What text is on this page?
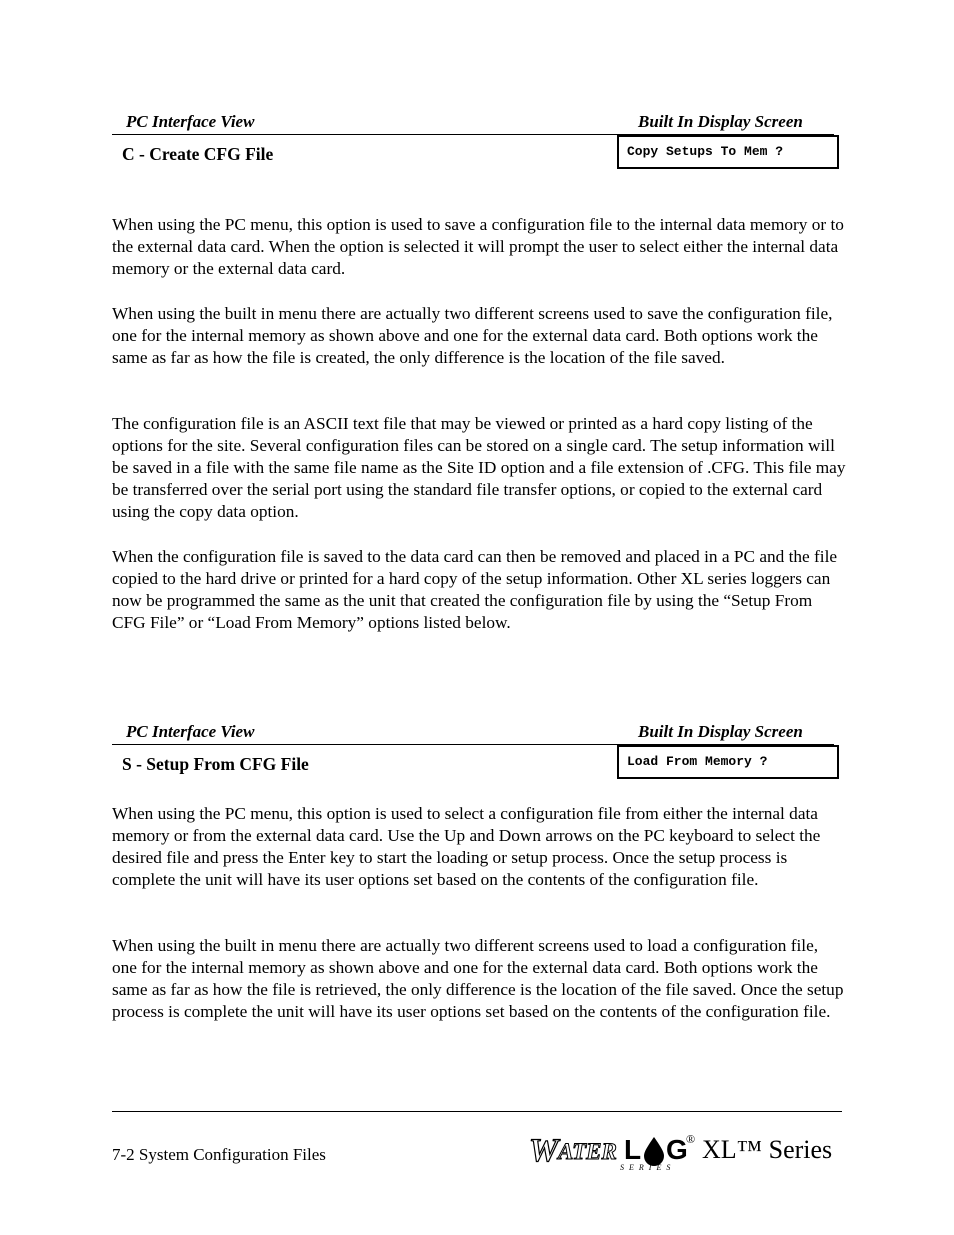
PC Interface View	Built In Display Screen
C - Create CFG File	Copy Setups To Mem ?

When using the PC menu, this option is used to save a configuration file to the internal data memory or to the external data card. When the option is selected it will prompt the user to select either the internal data memory or the external data card.

When using the built in menu there are actually two different screens used to save the configuration file, one for the internal memory as shown above and one for the external data card. Both options work the same as far as how the file is created, the only difference is the location of the file saved.

The configuration file is an ASCII text file that may be viewed or printed as a hard copy listing of the options for the site. Several configuration files can be stored on a single card. The setup information will be saved in a file with the same file name as the Site ID option and a file extension of .CFG. This file may be transferred over the serial port using the standard file transfer options, or copied to the external card using the copy data option.

When the configuration file is saved to the data card can then be removed and placed in a PC and the file copied to the hard drive or printed for a hard copy of the setup information. Other XL series loggers can now be programmed the same as the unit that created the configuration file by using the “Setup From CFG File” or “Load From Memory” options listed below.

PC Interface View	Built In Display Screen
S - Setup From CFG File	Load From Memory ?

When using the PC menu, this option is used to select a configuration file from either the internal data memory or from the external data card. Use the Up and Down arrows on the PC keyboard to select the desired file and press the Enter key to start the loading or setup process. Once the setup process is complete the unit will have its user options set based on the contents of the configuration file.

When using the built in menu there are actually two different screens used to load a configuration file, one for the internal memory as shown above and one for the external data card. Both options work the same as far as how the file is retrieved, the only difference is the location of the file saved. Once the setup process is complete the unit will have its user options set based on the contents of the configuration file.

7-2 System Configuration Files	W ATER L G
®
SERIES
XL™ Series
